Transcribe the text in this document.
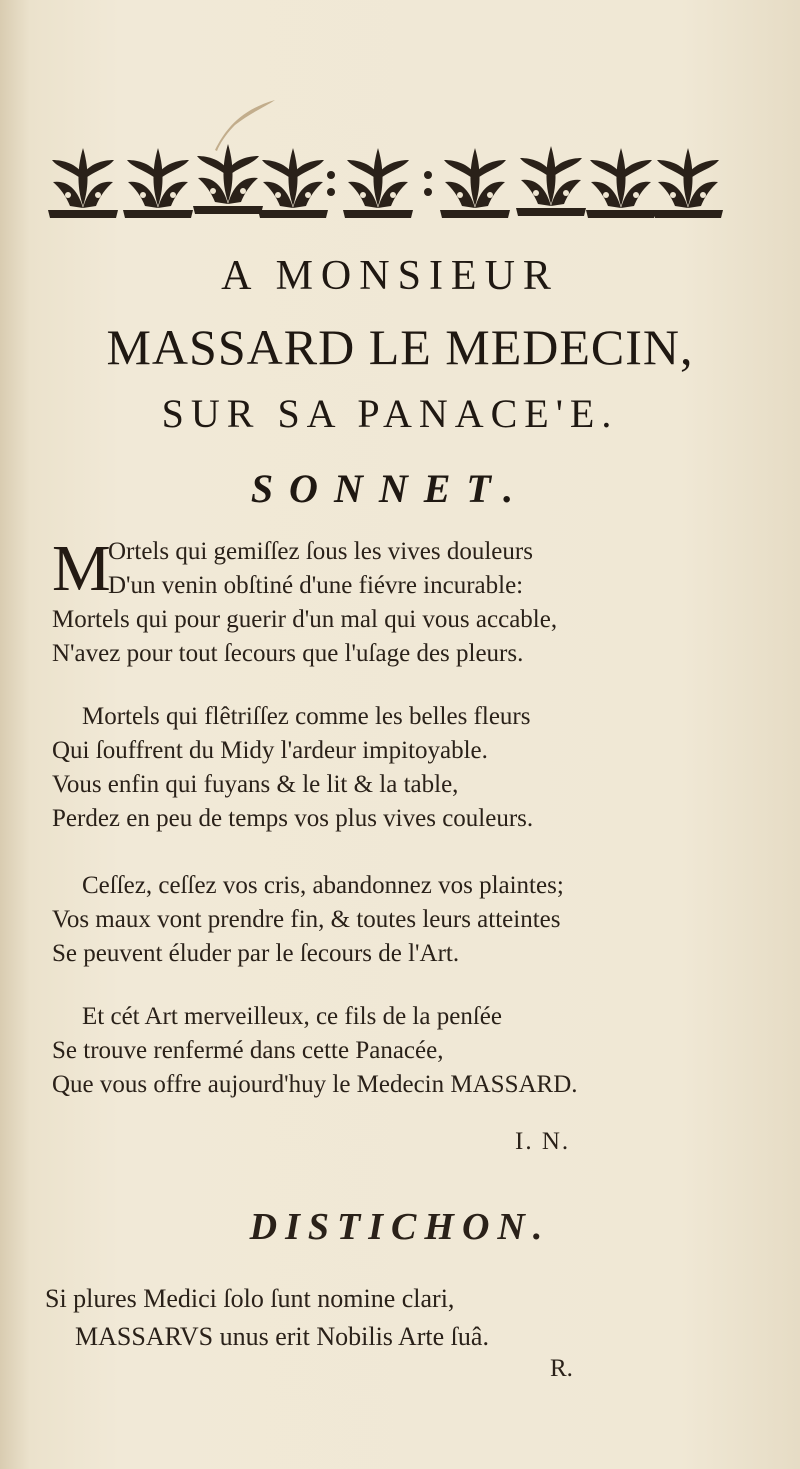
A MONSIEUR
MASSARD LE MEDECIN,
SUR SA PANACE'E.
SONNET.
M
Ortels qui gemiſſez ſous les vives douleurs
D'un venin obſtiné d'une fiévre incurable:
Mortels qui pour guerir d'un mal qui vous accable,
N'avez pour tout ſecours que l'uſage des pleurs.
Mortels qui flêtriſſez comme les belles fleurs
Qui ſouffrent du Midy l'ardeur impitoyable.
Vous enfin qui fuyans & le lit & la table,
Perdez en peu de temps vos plus vives couleurs.
Ceſſez, ceſſez vos cris, abandonnez vos plaintes;
Vos maux vont prendre fin, & toutes leurs atteintes
Se peuvent éluder par le ſecours de l'Art.
Et cét Art merveilleux, ce fils de la penſée
Se trouve renfermé dans cette Panacée,
Que vous offre aujourd'huy le Medecin MASSARD.
I. N.
DISTICHON.
Si plures Medici ſolo ſunt nomine clari,
MASSARVS unus erit Nobilis Arte ſuâ.
R.
